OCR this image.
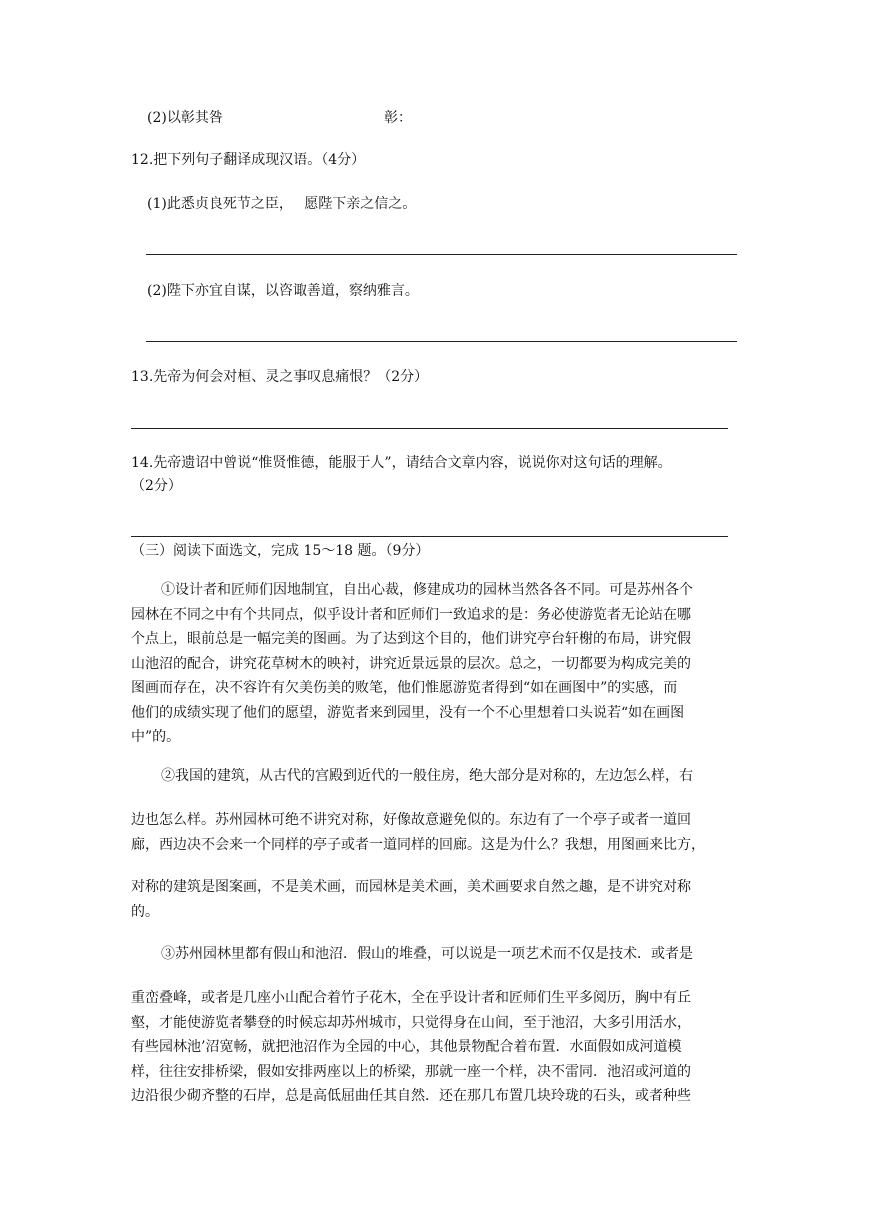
(2)以彰其咎	彰：
12.把下列句子翻译成现汉语。（4分）
(1)此悉贞良死节之臣，　 愿陛下亲之信之。
(2)陛下亦宜自谋，以咨诹善道，察纳雅言。
13.先帝为何会对桓、灵之事叹息痛恨？（2分）
14.先帝遗诏中曾说“惟贤惟德，能服于人”，请结合文章内容，说说你对这句话的理解。
（2分）
（三）阅读下面选文，完成 15～18 题。（9分）
①设计者和匠师们因地制宜，自出心裁，修建成功的园林当然各各不同。可是苏州各个
园林在不同之中有个共同点，似乎设计者和匠师们一致追求的是：务必使游览者无论站在哪
个点上，眼前总是一幅完美的图画。为了达到这个目的，他们讲究亭台轩榭的布局，讲究假
山池沼的配合，讲究花草树木的映衬，讲究近景远景的层次。总之，一切都要为构成完美的
图画而存在，决不容许有欠美伤美的败笔，他们惟愿游览者得到“如在画图中”的实感，而
他们的成绩实现了他们的愿望，游览者来到园里，没有一个不心里想着口头说若“如在画图
中”的。
②我国的建筑，从古代的宫殿到近代的一般住房，绝大部分是对称的，左边怎么样，右
边也怎么样。苏州园林可绝不讲究对称，好像故意避免似的。东边有了一个亭子或者一道回
廊，西边决不会来一个同样的亭子或者一道同样的回廊。这是为什么？我想，用图画来比方，
对称的建筑是图案画，不是美术画，而园林是美术画，美术画要求自然之趣，是不讲究对称
的。
③苏州园林里都有假山和池沼．假山的堆叠，可以说是一项艺术而不仅是技术．或者是
重峦叠峰，或者是几座小山配合着竹子花木，全在乎设计者和匠师们生平多阅历，胸中有丘
壑，才能使游览者攀登的时候忘却苏州城市，只觉得身在山间，至于池沼，大多引用活水，
有些园林池’沼宽畅，就把池沼作为全园的中心，其他景物配合着布置．水面假如成河道模
样，往往安排桥梁，假如安排两座以上的桥梁，那就一座一个样，决不雷同．池沼或河道的
边沿很少砌齐整的石岸，总是高低屈曲任其自然．还在那几布置几块玲珑的石头，或者种些
